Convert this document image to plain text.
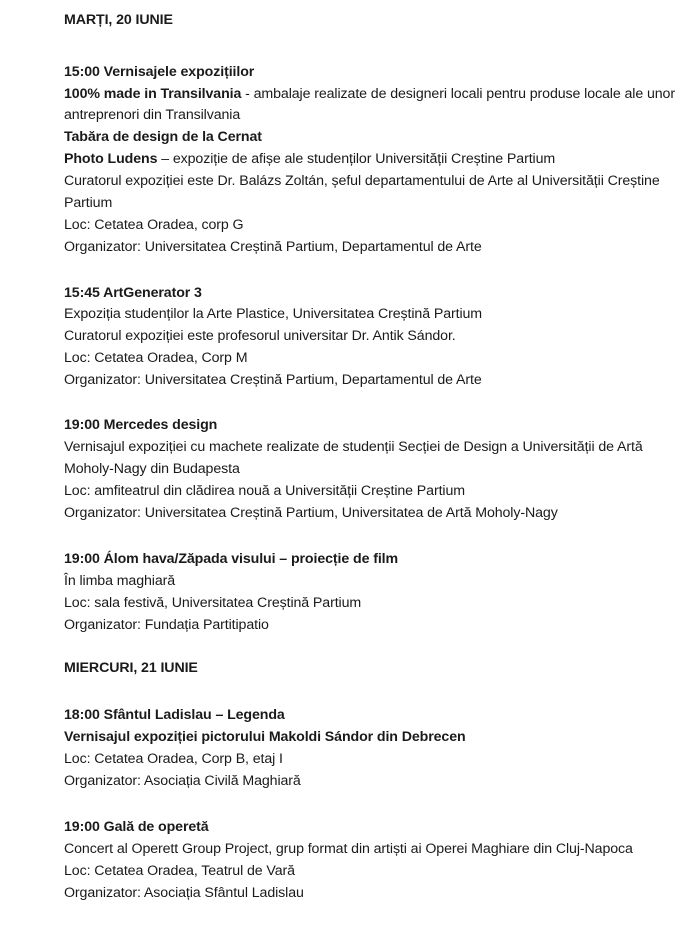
MARȚI, 20 IUNIE
15:00 Vernisajele expozițiilor
100% made in Transilvania - ambalaje realizate de designeri locali pentru produse locale ale unor
antreprenori din Transilvania
Tabăra de design de la Cernat
Photo Ludens – expoziție de afișe ale studenților Universității Creștine Partium
Curatorul expoziției este Dr. Balázs Zoltán, șeful departamentului de Arte al Universității Creștine
Partium
Loc: Cetatea Oradea, corp G
Organizator: Universitatea Creștină Partium, Departamentul de Arte
15:45 ArtGenerator 3
Expoziția studenților la Arte Plastice, Universitatea Creștină Partium
Curatorul expoziției este profesorul universitar Dr. Antik Sándor.
Loc: Cetatea Oradea, Corp M
Organizator: Universitatea Creștină Partium, Departamentul de Arte
19:00 Mercedes design
Vernisajul expoziției cu machete realizate de studenții Secției de Design a Universității de Artă
Moholy-Nagy din Budapesta
Loc: amfiteatrul din clădirea nouă a Universității Creștine Partium
Organizator: Universitatea Creștină Partium, Universitatea de Artă Moholy-Nagy
19:00 Álom hava/Zăpada visului – proiecție de film
În limba maghiară
Loc: sala festivă, Universitatea Creștină Partium
Organizator: Fundația Partitipatio
MIERCURI, 21 IUNIE
18:00 Sfântul Ladislau – Legenda
Vernisajul expoziției pictorului Makoldi Sándor din Debrecen
Loc: Cetatea Oradea, Corp B, etaj I
Organizator: Asociația Civilă Maghiară
19:00 Gală de operetă
Concert al Operett Group Project, grup format din artiști ai Operei Maghiare din Cluj-Napoca
Loc: Cetatea Oradea, Teatrul de Vară
Organizator: Asociația Sfântul Ladislau
